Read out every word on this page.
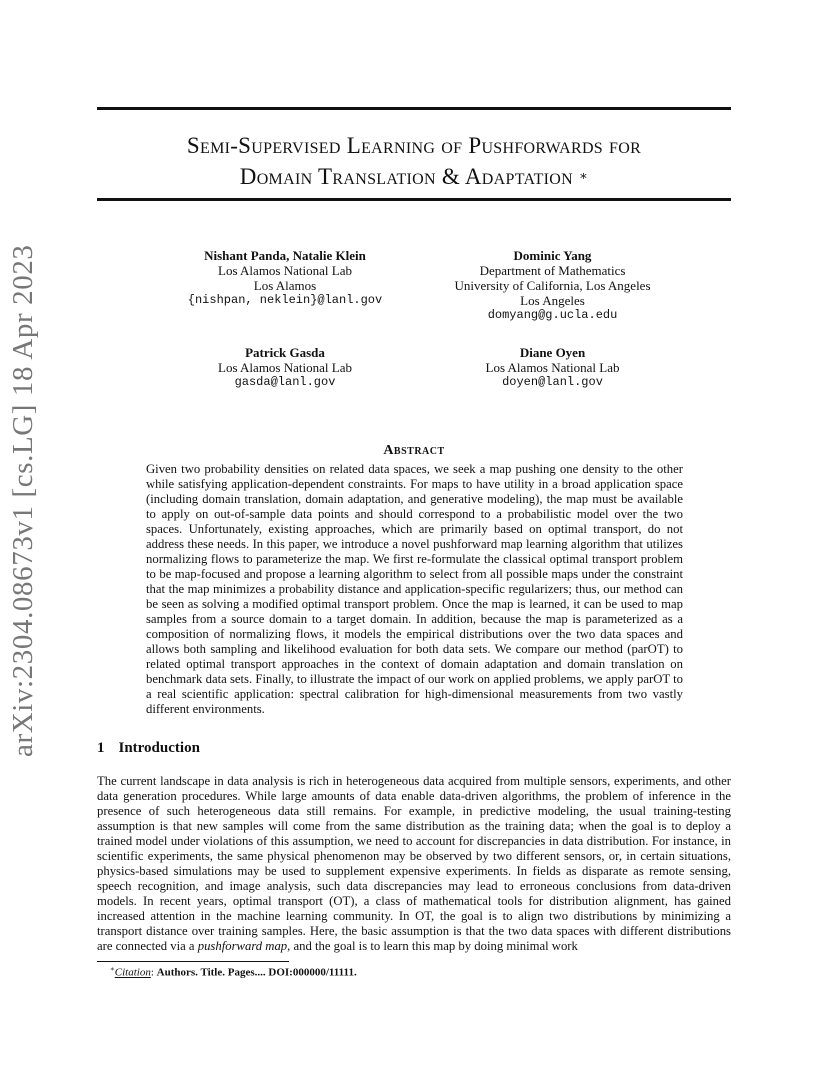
Semi-Supervised Learning of Pushforwards for
Domain Translation & Adaptation ∗
arXiv:2304.08673v1 [cs.LG] 18 Apr 2023	Nishant Panda, Natalie Klein
Los Alamos National Lab
Los Alamos
{nishpan, neklein}@lanl.gov
Dominic Yang
Department of Mathematics
University of California, Los Angeles
Los Angeles
domyang@g.ucla.edu
Patrick Gasda
Los Alamos National Lab
gasda@lanl.gov
Diane Oyen
Los Alamos National Lab
doyen@lanl.gov
Abstract
Given two probability densities on related data spaces, we seek a map pushing one density to the other while satisfying application-dependent constraints. For maps to have utility in a broad application space (including domain translation, domain adaptation, and generative modeling), the map must be available to apply on out-of-sample data points and should correspond to a probabilistic model over the two spaces. Unfortunately, existing approaches, which are primarily based on optimal transport, do not address these needs. In this paper, we introduce a novel pushforward map learning algorithm that utilizes normalizing flows to parameterize the map. We first re-formulate the classical optimal transport problem to be map-focused and propose a learning algorithm to select from all possible maps under the constraint that the map minimizes a probability distance and application-specific regularizers; thus, our method can be seen as solving a modified optimal transport problem. Once the map is learned, it can be used to map samples from a source domain to a target domain. In addition, because the map is parameterized as a composition of normalizing flows, it models the empirical distributions over the two data spaces and allows both sampling and likelihood evaluation for both data sets. We compare our method (parOT) to related optimal transport approaches in the context of domain adaptation and domain translation on benchmark data sets. Finally, to illustrate the impact of our work on applied problems, we apply parOT to a real scientific application: spectral calibration for high-dimensional measurements from two vastly different environments.
1 Introduction
The current landscape in data analysis is rich in heterogeneous data acquired from multiple sensors, experiments, and other data generation procedures. While large amounts of data enable data-driven algorithms, the problem of inference in the presence of such heterogeneous data still remains. For example, in predictive modeling, the usual training-testing assumption is that new samples will come from the same distribution as the training data; when the goal is to deploy a trained model under violations of this assumption, we need to account for discrepancies in data distribution. For instance, in scientific experiments, the same physical phenomenon may be observed by two different sensors, or, in certain situations, physics-based simulations may be used to supplement expensive experiments. In fields as disparate as remote sensing, speech recognition, and image analysis, such data discrepancies may lead to erroneous conclusions from data-driven models. In recent years, optimal transport (OT), a class of mathematical tools for distribution alignment, has gained increased attention in the machine learning community. In OT, the goal is to align two distributions by minimizing a transport distance over training samples. Here, the basic assumption is that the two data spaces with different distributions are connected via a pushforward map, and the goal is to learn this map by doing minimal work
∗Citation: Authors. Title. Pages.... DOI:000000/11111.
